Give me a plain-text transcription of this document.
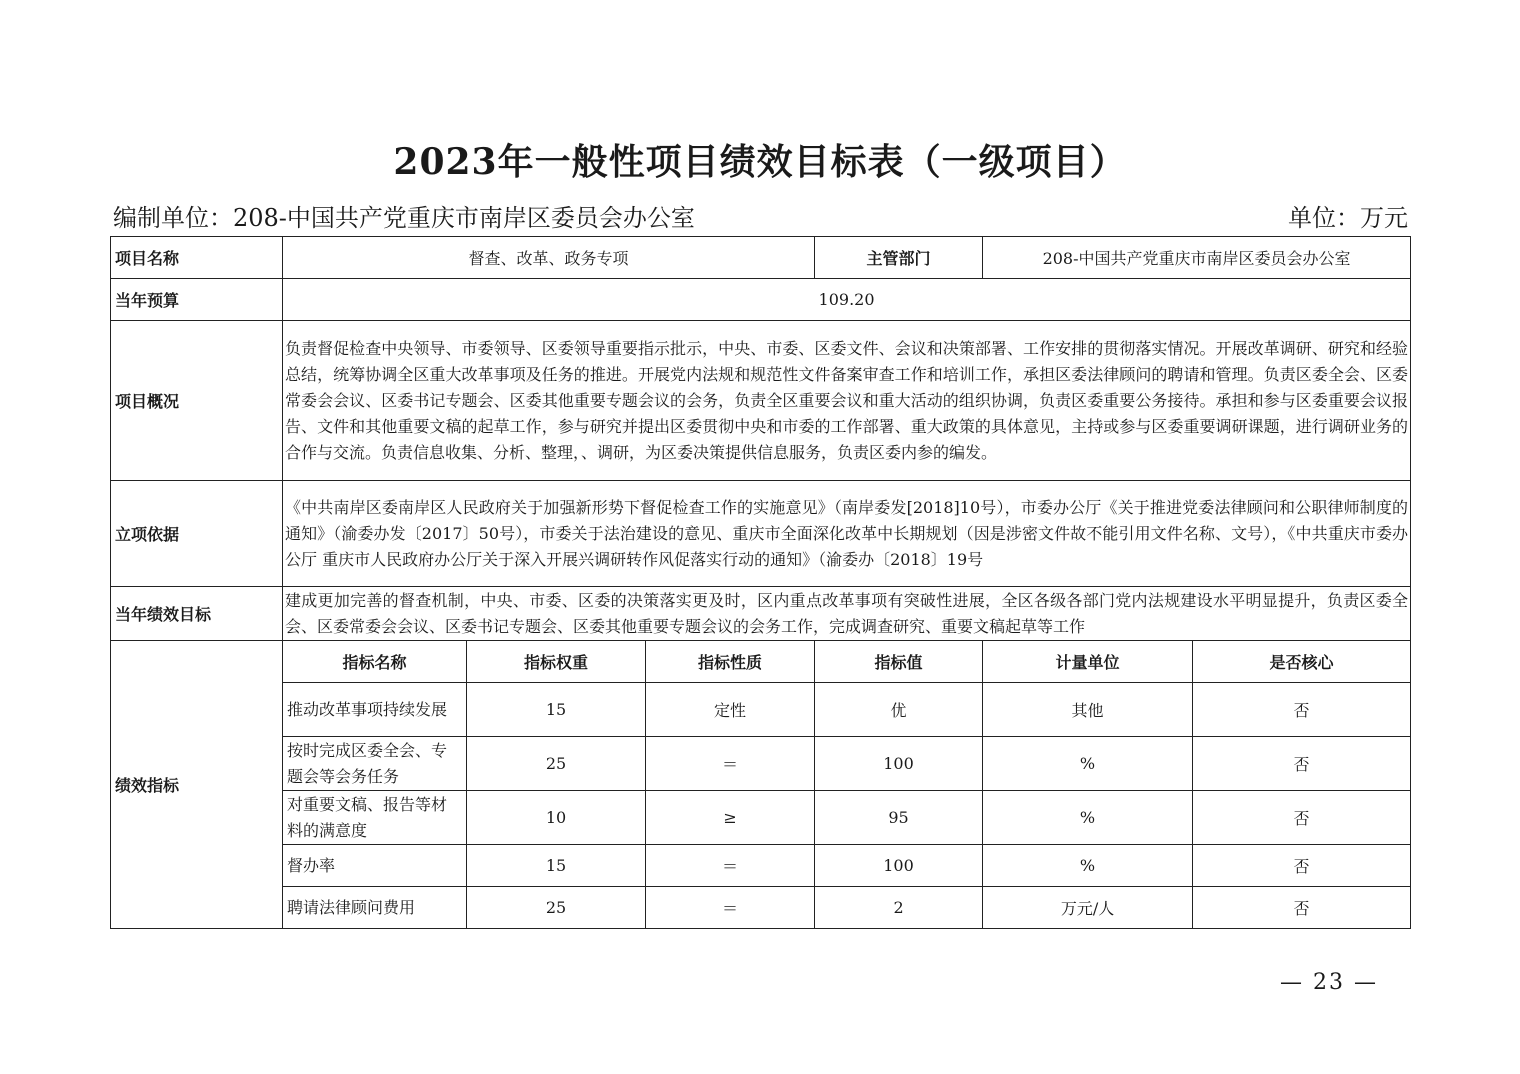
2023年一般性项目绩效目标表（一级项目）
编制单位：208-中国共产党重庆市南岸区委员会办公室	单位：万元
项目名称	督查、改革、政务专项			主管部门	208-中国共产党重庆市南岸区委员会办公室	
当年预算	109.20					
项目概况	负责督促检查中央领导、市委领导、区委领导重要指示批示，中央、市委、区委文件、会议和决策部署、工作安排的贯彻落实情况。开展改革调研、研究和经验总结，统筹协调全区重大改革事项及任务的推进。开展党内法规和规范性文件备案审查工作和培训工作，承担区委法律顾问的聘请和管理。负责区委全会、区委常委会会议、区委书记专题会、区委其他重要专题会议的会务，负责全区重要会议和重大活动的组织协调，负责区委重要公务接待。承担和参与区委重要会议报告、文件和其他重要文稿的起草工作，参与研究并提出区委贯彻中央和市委的工作部署、重大政策的具体意见，主持或参与区委重要调研课题，进行调研业务的合作与交流。负责信息收集、分析、整理，、调研，为区委决策提供信息服务，负责区委内参的编发。					
立项依据	《中共南岸区委南岸区人民政府关于加强新形势下督促检查工作的实施意见》（南岸委发[2018]10号），市委办公厅《关于推进党委法律顾问和公职律师制度的通知》（渝委办发〔2017〕50号），市委关于法治建设的意见、重庆市全面深化改革中长期规划（因是涉密文件故不能引用文件名称、文号），《中共重庆市委办公厅 重庆市人民政府办公厅关于深入开展兴调研转作风促落实行动的通知》（渝委办〔2018〕19号					
当年绩效目标	建成更加完善的督查机制，中央、市委、区委的决策落实更及时，区内重点改革事项有突破性进展，全区各级各部门党内法规建设水平明显提升，负责区委全会、区委常委会会议、区委书记专题会、区委其他重要专题会议的会务工作，完成调查研究、重要文稿起草等工作					
绩效指标	指标名称	指标权重	指标性质	指标值	计量单位	是否核心
	推动改革事项持续发展	15	定性	优	其他	否
	按时完成区委全会、专题会等会务任务	25	＝	100	%	否
	对重要文稿、报告等材料的满意度	10	≥	95	%	否
	督办率	15	＝	100	%	否
	聘请法律顾问费用	25	＝	2	万元/人	否
— 23 —
